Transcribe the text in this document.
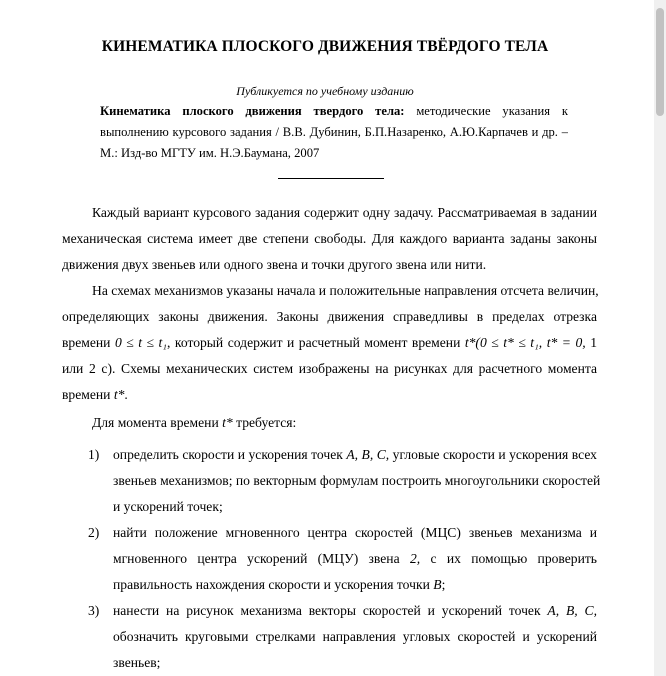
КИНЕМАТИКА ПЛОСКОГО ДВИЖЕНИЯ ТВЁРДОГО ТЕЛА
Публикуется по учебному изданию
Кинематика плоского движения твердого тела: методические указания к
выполнению курсового задания / В.В. Дубинин, Б.П.Назаренко, А.Ю.Карпачев и др. –
М.: Изд-во МГТУ им. Н.Э.Баумана, 2007
Каждый вариант курсового задания содержит одну задачу. Рассматриваемая в задании
механическая система имеет две степени свободы. Для каждого варианта заданы законы
движения двух звеньев или одного звена и точки другого звена или нити.
На схемах механизмов указаны начала и положительные направления отсчета величин,
определяющих законы движения. Законы движения справедливы в пределах отрезка
времени 0 ≤ t ≤ t₁, который содержит и расчетный момент времени t*(0 ≤ t* ≤ t₁, t* = 0, 1
или 2 с). Схемы механических систем изображены на рисунках для расчетного момента
времени t*.
Для момента времени t* требуется:
1) определить скорости и ускорения точек A, B, C, угловые скорости и ускорения всех
звеньев механизмов; по векторным формулам построить многоугольники скоростей
и ускорений точек;
2) найти положение мгновенного центра скоростей (МЦС) звеньев механизма и
мгновенного центра ускорений (МЦУ) звена 2, с их помощью проверить
правильность нахождения скорости и ускорения точки B;
3) нанести на рисунок механизма векторы скоростей и ускорений точек A, B, C,
обозначить круговыми стрелками направления угловых скоростей и ускорений
звеньев;
